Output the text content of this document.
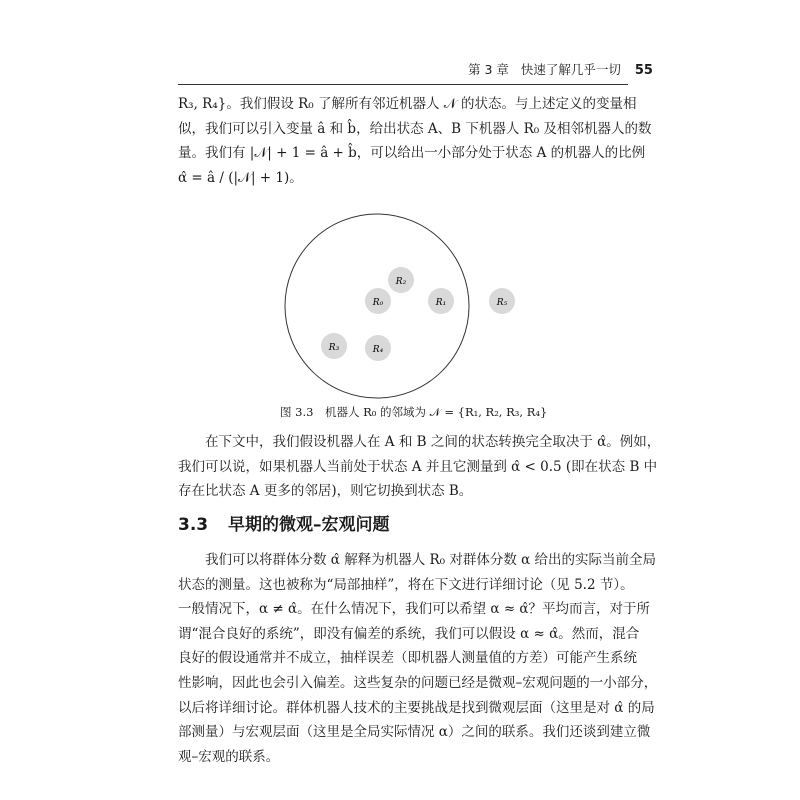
第 3 章 快速了解几乎一切 55
R₃, R₄}。我们假设 R₀ 了解所有邻近机器人 𝒩 的状态。与上述定义的变量相
似，我们可以引入变量 â 和 b̂，给出状态 A、B 下机器人 R₀ 及相邻机器人的数
量。我们有 |𝒩| + 1 = â + b̂，可以给出一小部分处于状态 A 的机器人的比例
α̂ = â / (|𝒩| + 1)。
R₂
R₀	R₁	R₅
R₃	R₄
图 3.3　机器人 R₀ 的邻域为 𝒩 = {R₁, R₂, R₃, R₄}
在下文中，我们假设机器人在 A 和 B 之间的状态转换完全取决于 α̂。例如，
我们可以说，如果机器人当前处于状态 A 并且它测量到 α̂ < 0.5 (即在状态 B 中
存在比状态 A 更多的邻居)，则它切换到状态 B。
3.3 早期的微观–宏观问题
我们可以将群体分数 α̂ 解释为机器人 R₀ 对群体分数 α 给出的实际当前全局
状态的测量。这也被称为“局部抽样”，将在下文进行详细讨论（见 5.2 节）。
一般情况下，α ≠ α̂。在什么情况下，我们可以希望 α ≈ α̂？平均而言，对于所
谓“混合良好的系统”，即没有偏差的系统，我们可以假设 α ≈ α̂。然而，混合
良好的假设通常并不成立，抽样误差（即机器人测量值的方差）可能产生系统
性影响，因此也会引入偏差。这些复杂的问题已经是微观–宏观问题的一小部分，
以后将详细讨论。群体机器人技术的主要挑战是找到微观层面（这里是对 α̂ 的局
部测量）与宏观层面（这里是全局实际情况 α）之间的联系。我们还谈到建立微
观–宏观的联系。
